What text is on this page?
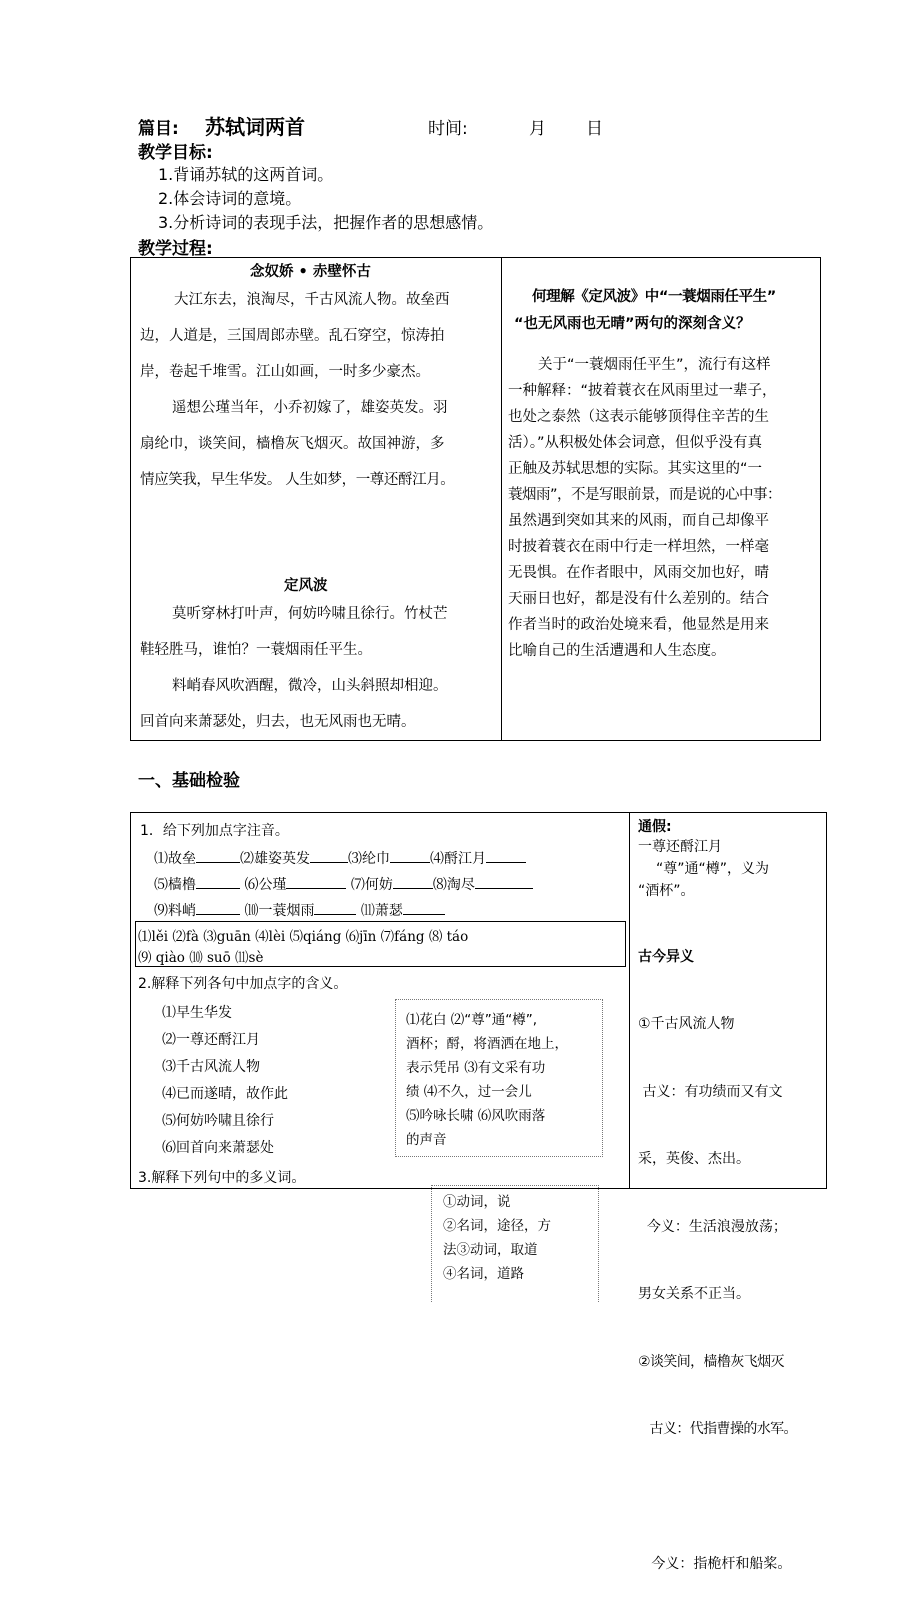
篇目: 苏轼词两首	时间:	月 日
教学目标:
1.背诵苏轼的这两首词。
2.体会诗词的意境。
3.分析诗词的表现手法，把握作者的思想感情。
教学过程:
念奴娇 • 赤壁怀古
大江东去，浪淘尽，千古风流人物。故垒西
边，人道是，三国周郎赤壁。乱石穿空，惊涛拍
岸，卷起千堆雪。江山如画，一时多少豪杰。
遥想公瑾当年，小乔初嫁了，雄姿英发。羽
扇纶巾，谈笑间，樯橹灰飞烟灭。故国神游，多
情应笑我，早生华发。 人生如梦，一尊还酹江月。
定风波
莫听穿林打叶声，何妨吟啸且徐行。竹杖芒
鞋轻胜马，谁怕？一蓑烟雨任平生。
料峭春风吹酒醒，微冷，山头斜照却相迎。
回首向来萧瑟处，归去，也无风雨也无晴。
何理解《定风波》中“一蓑烟雨任平生”
“也无风雨也无晴”两句的深刻含义？
关于“一蓑烟雨任平生”，流行有这样
一种解释：“披着蓑衣在风雨里过一辈子，
也处之泰然（这表示能够顶得住辛苦的生
活）。”从积极处体会词意，但似乎没有真
正触及苏轼思想的实际。其实这里的“一
蓑烟雨”，不是写眼前景，而是说的心中事：
虽然遇到突如其来的风雨，而自己却像平
时披着蓑衣在雨中行走一样坦然，一样毫
无畏惧。在作者眼中，风雨交加也好，晴
天丽日也好，都是没有什么差别的。结合
作者当时的政治处境来看，他显然是用来
比喻自己的生活遭遇和人生态度。
一、基础检验
1．给下列加点字注音。
⑴故垒	⑵雄姿英发	⑶纶巾	⑷酹江月
⑸樯橹	⑹公瑾	⑺何妨	⑻淘尽
⑼料峭	⑽一蓑烟雨	⑾萧瑟
⑴lěi ⑵fà ⑶guān ⑷lèi ⑸qiáng ⑹jīn ⑺fáng ⑻ táo
⑼ qiào ⑽ suō ⑾sè
2.解释下列各句中加点字的含义。
⑴早生华发
⑵一尊还酹江月
⑶千古风流人物
⑷已而遂晴，故作此
⑸何妨吟啸且徐行
⑹回首向来萧瑟处
⑴花白 ⑵“尊”通“樽”,
酒杯；酹，将酒洒在地上，
表示凭吊 ⑶有文采有功
绩 ⑷不久，过一会儿
⑸吟咏长啸 ⑹风吹雨落
的声音
3.解释下列句中的多义词。
通假:
一尊还酹江月
“尊”通“樽”，义为
“酒杯”。
古今异义

①千古风流人物

古义：有功绩而又有文

采，英俊、杰出。

今义：生活浪漫放荡；

男女关系不正当。

②谈笑间，樯橹灰飞烟灭

古义：代指曹操的水军。

今义：指桅杆和船桨。

①动词，说
②名词，途径，方
法③动词，取道
④名词，道路
